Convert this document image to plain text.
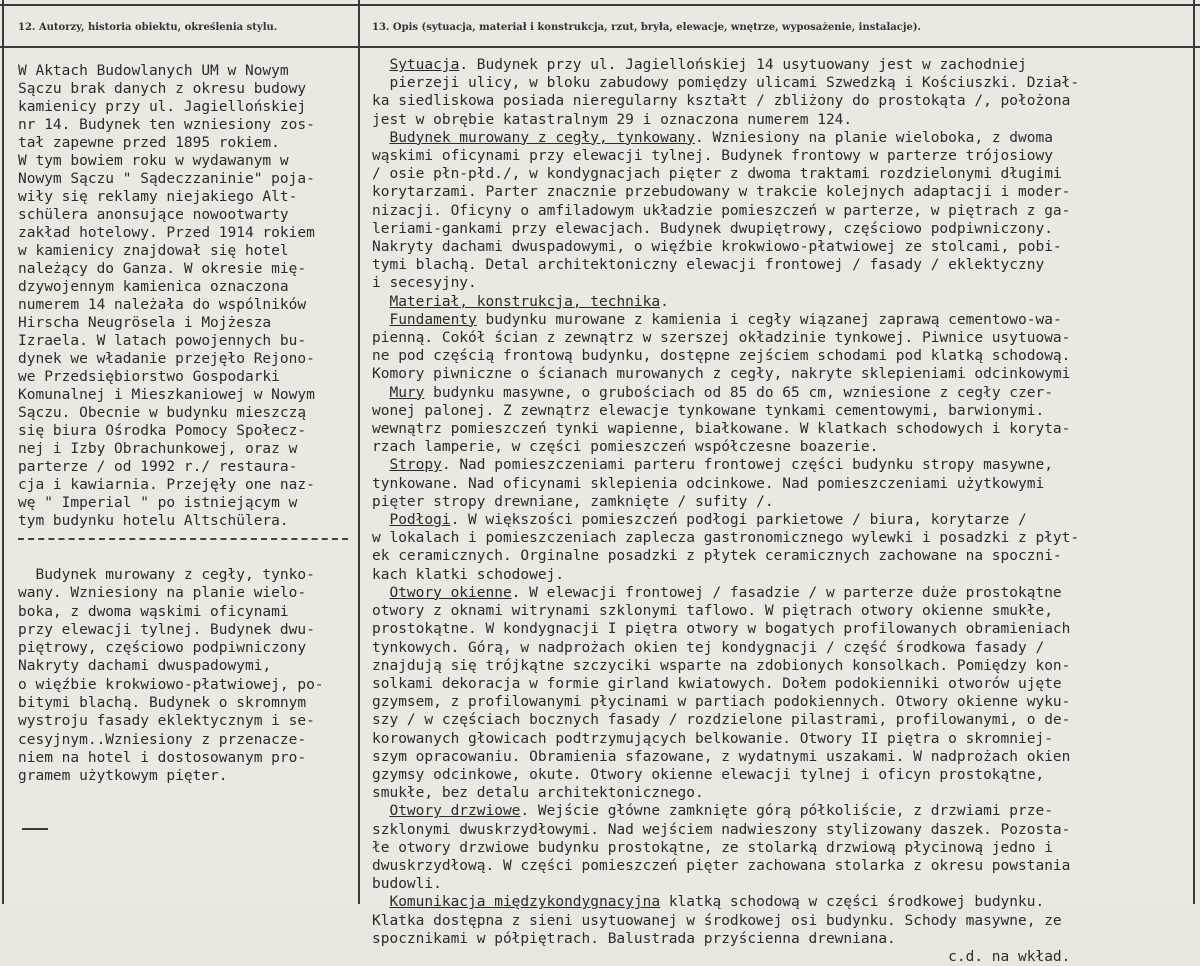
12. Autorzy, historia obiektu, określenia stylu.	13. Opis (sytuacja, materiał i konstrukcja, rzut, bryła, elewacje, wnętrze, wyposażenie, instalacje).
W Aktach Budowlanych UM w Nowym
Sączu brak danych z okresu budowy
kamienicy przy ul. Jagiellońskiej
nr 14. Budynek ten wzniesiony zos-
tał zapewne przed 1895 rokiem.
W tym bowiem roku w wydawanym w
Nowym Sączu " Sądeczzaninie" poja-
wiły się reklamy niejakiego Alt-
schülera anonsujące nowootwarty
zakład hotelowy. Przed 1914 rokiem
w kamienicy znajdował się hotel
należący do Ganza. W okresie mię-
dzywojennym kamienica oznaczona
numerem 14 należała do wspólników
Hirscha Neugrösela i Mojżesza
Izraela. W latach powojennych bu-
dynek we władanie przejęło Rejono-
we Przedsiębiorstwo Gospodarki
Komunalnej i Mieszkaniowej w Nowym
Sączu. Obecnie w budynku mieszczą
się biura Ośrodka Pomocy Społecz-
nej i Izby Obrachunkowej, oraz w
parterze / od 1992 r./ restaura-
cja i kawiarnia. Przejęły one naz-
wę " Imperial " po istniejącym w
tym budynku hotelu Altschülera.
Budynek murowany z cegły, tynko-
wany. Wzniesiony na planie wielo-
boka, z dwoma wąskimi oficynami
przy elewacji tylnej. Budynek dwu-
piętrowy, częściowo podpiwniczony
Nakryty dachami dwuspadowymi,
o więźbie krokwiowo-płatwiowej, po-
bitymi blachą. Budynek o skromnym
wystroju fasady eklektycznym i se-
cesyjnym..Wzniesiony z przenacze-
niem na hotel i dostosowanym pro-
gramem użytkowym pięter.
Sytuacja. Budynek przy ul. Jagiellońskiej 14 usytuowany jest w zachodniej
pierzeji ulicy, w bloku zabudowy pomiędzy ulicami Szwedzką i Kościuszki. Dział-
ka siedliskowa posiada nieregularny kształt / zbliżony do prostokąta /, położona
jest w obrębie katastralnym 29 i oznaczona numerem 124.
Budynek murowany z cegły, tynkowany. Wzniesiony na planie wieloboka, z dwoma
wąskimi oficynami przy elewacji tylnej. Budynek frontowy w parterze trójosiowy
/ osie płn-płd./, w kondygnacjach pięter z dwoma traktami rozdzielonymi długimi
korytarzami. Parter znacznie przebudowany w trakcie kolejnych adaptacji i moder-
nizacji. Oficyny o amfiladowym układzie pomieszczeń w parterze, w piętrach z ga-
leriami-gankami przy elewacjach. Budynek dwupiętrowy, częściowo podpiwniczony.
Nakryty dachami dwuspadowymi, o więźbie krokwiowo-płatwiowej ze stolcami, pobi-
tymi blachą. Detal architektoniczny elewacji frontowej / fasady / eklektyczny
i secesyjny.
Materiał, konstrukcja, technika.
Fundamenty budynku murowane z kamienia i cegły wiązanej zaprawą cementowo-wa-
pienną. Cokół ścian z zewnątrz w szerszej okładzinie tynkowej. Piwnice usytuowa-
ne pod częścią frontową budynku, dostępne zejściem schodami pod klatką schodową.
Komory piwniczne o ścianach murowanych z cegły, nakryte sklepieniami odcinkowymi
Mury budynku masywne, o grubościach od 85 do 65 cm, wzniesione z cegły czer-
wonej palonej. Z zewnątrz elewacje tynkowane tynkami cementowymi, barwionymi.
wewnątrz pomieszczeń tynki wapienne, białkowane. W klatkach schodowych i koryta-
rzach lamperie, w części pomieszczeń współczesne boazerie.
Stropy. Nad pomieszczeniami parteru frontowej części budynku stropy masywne,
tynkowane. Nad oficynami sklepienia odcinkowe. Nad pomieszczeniami użytkowymi
pięter stropy drewniane, zamknięte / sufity /.
Podłogi. W większości pomieszczeń podłogi parkietowe / biura, korytarze /
w lokalach i pomieszczeniach zaplecza gastronomicznego wylewki i posadzki z płyt-
ek ceramicznych. Orginalne posadzki z płytek ceramicznych zachowane na spoczni-
kach klatki schodowej.
Otwory okienne. W elewacji frontowej / fasadzie / w parterze duże prostokątne
otwory z oknami witrynami szklonymi taflowo. W piętrach otwory okienne smukłe,
prostokątne. W kondygnacji I piętra otwory w bogatych profilowanych obramieniach
tynkowych. Górą, w nadprożach okien tej kondygnacji / część środkowa fasady /
znajdują się trójkątne szczyciki wsparte na zdobionych konsolkach. Pomiędzy kon-
solkami dekoracja w formie girland kwiatowych. Dołem podokienniki otworów ujęte
gzymsem, z profilowanymi płycinami w partiach podokiennych. Otwory okienne wyku-
szy / w częściach bocznych fasady / rozdzielone pilastrami, profilowanymi, o de-
korowanych głowicach podtrzymujących belkowanie. Otwory II piętra o skromniej-
szym opracowaniu. Obramienia sfazowane, z wydatnymi uszakami. W nadprożach okien
gzymsy odcinkowe, okute. Otwory okienne elewacji tylnej i oficyn prostokątne,
smukłe, bez detalu architektonicznego.
Otwory drzwiowe. Wejście główne zamknięte górą półkoliście, z drzwiami prze-
szklonymi dwuskrzydłowymi. Nad wejściem nadwieszony stylizowany daszek. Pozosta-
łe otwory drzwiowe budynku prostokątne, ze stolarką drzwiową płycinową jedno i
dwuskrzydłową. W części pomieszczeń pięter zachowana stolarka z okresu powstania
budowli.
Komunikacja międzykondygnacyjna klatką schodową w części środkowej budynku.
Klatka dostępna z sieni usytuowanej w środkowej osi budynku. Schody masywne, ze
spocznikami w półpiętrach. Balustrada przyścienna drewniana.
c.d. na wkład.
